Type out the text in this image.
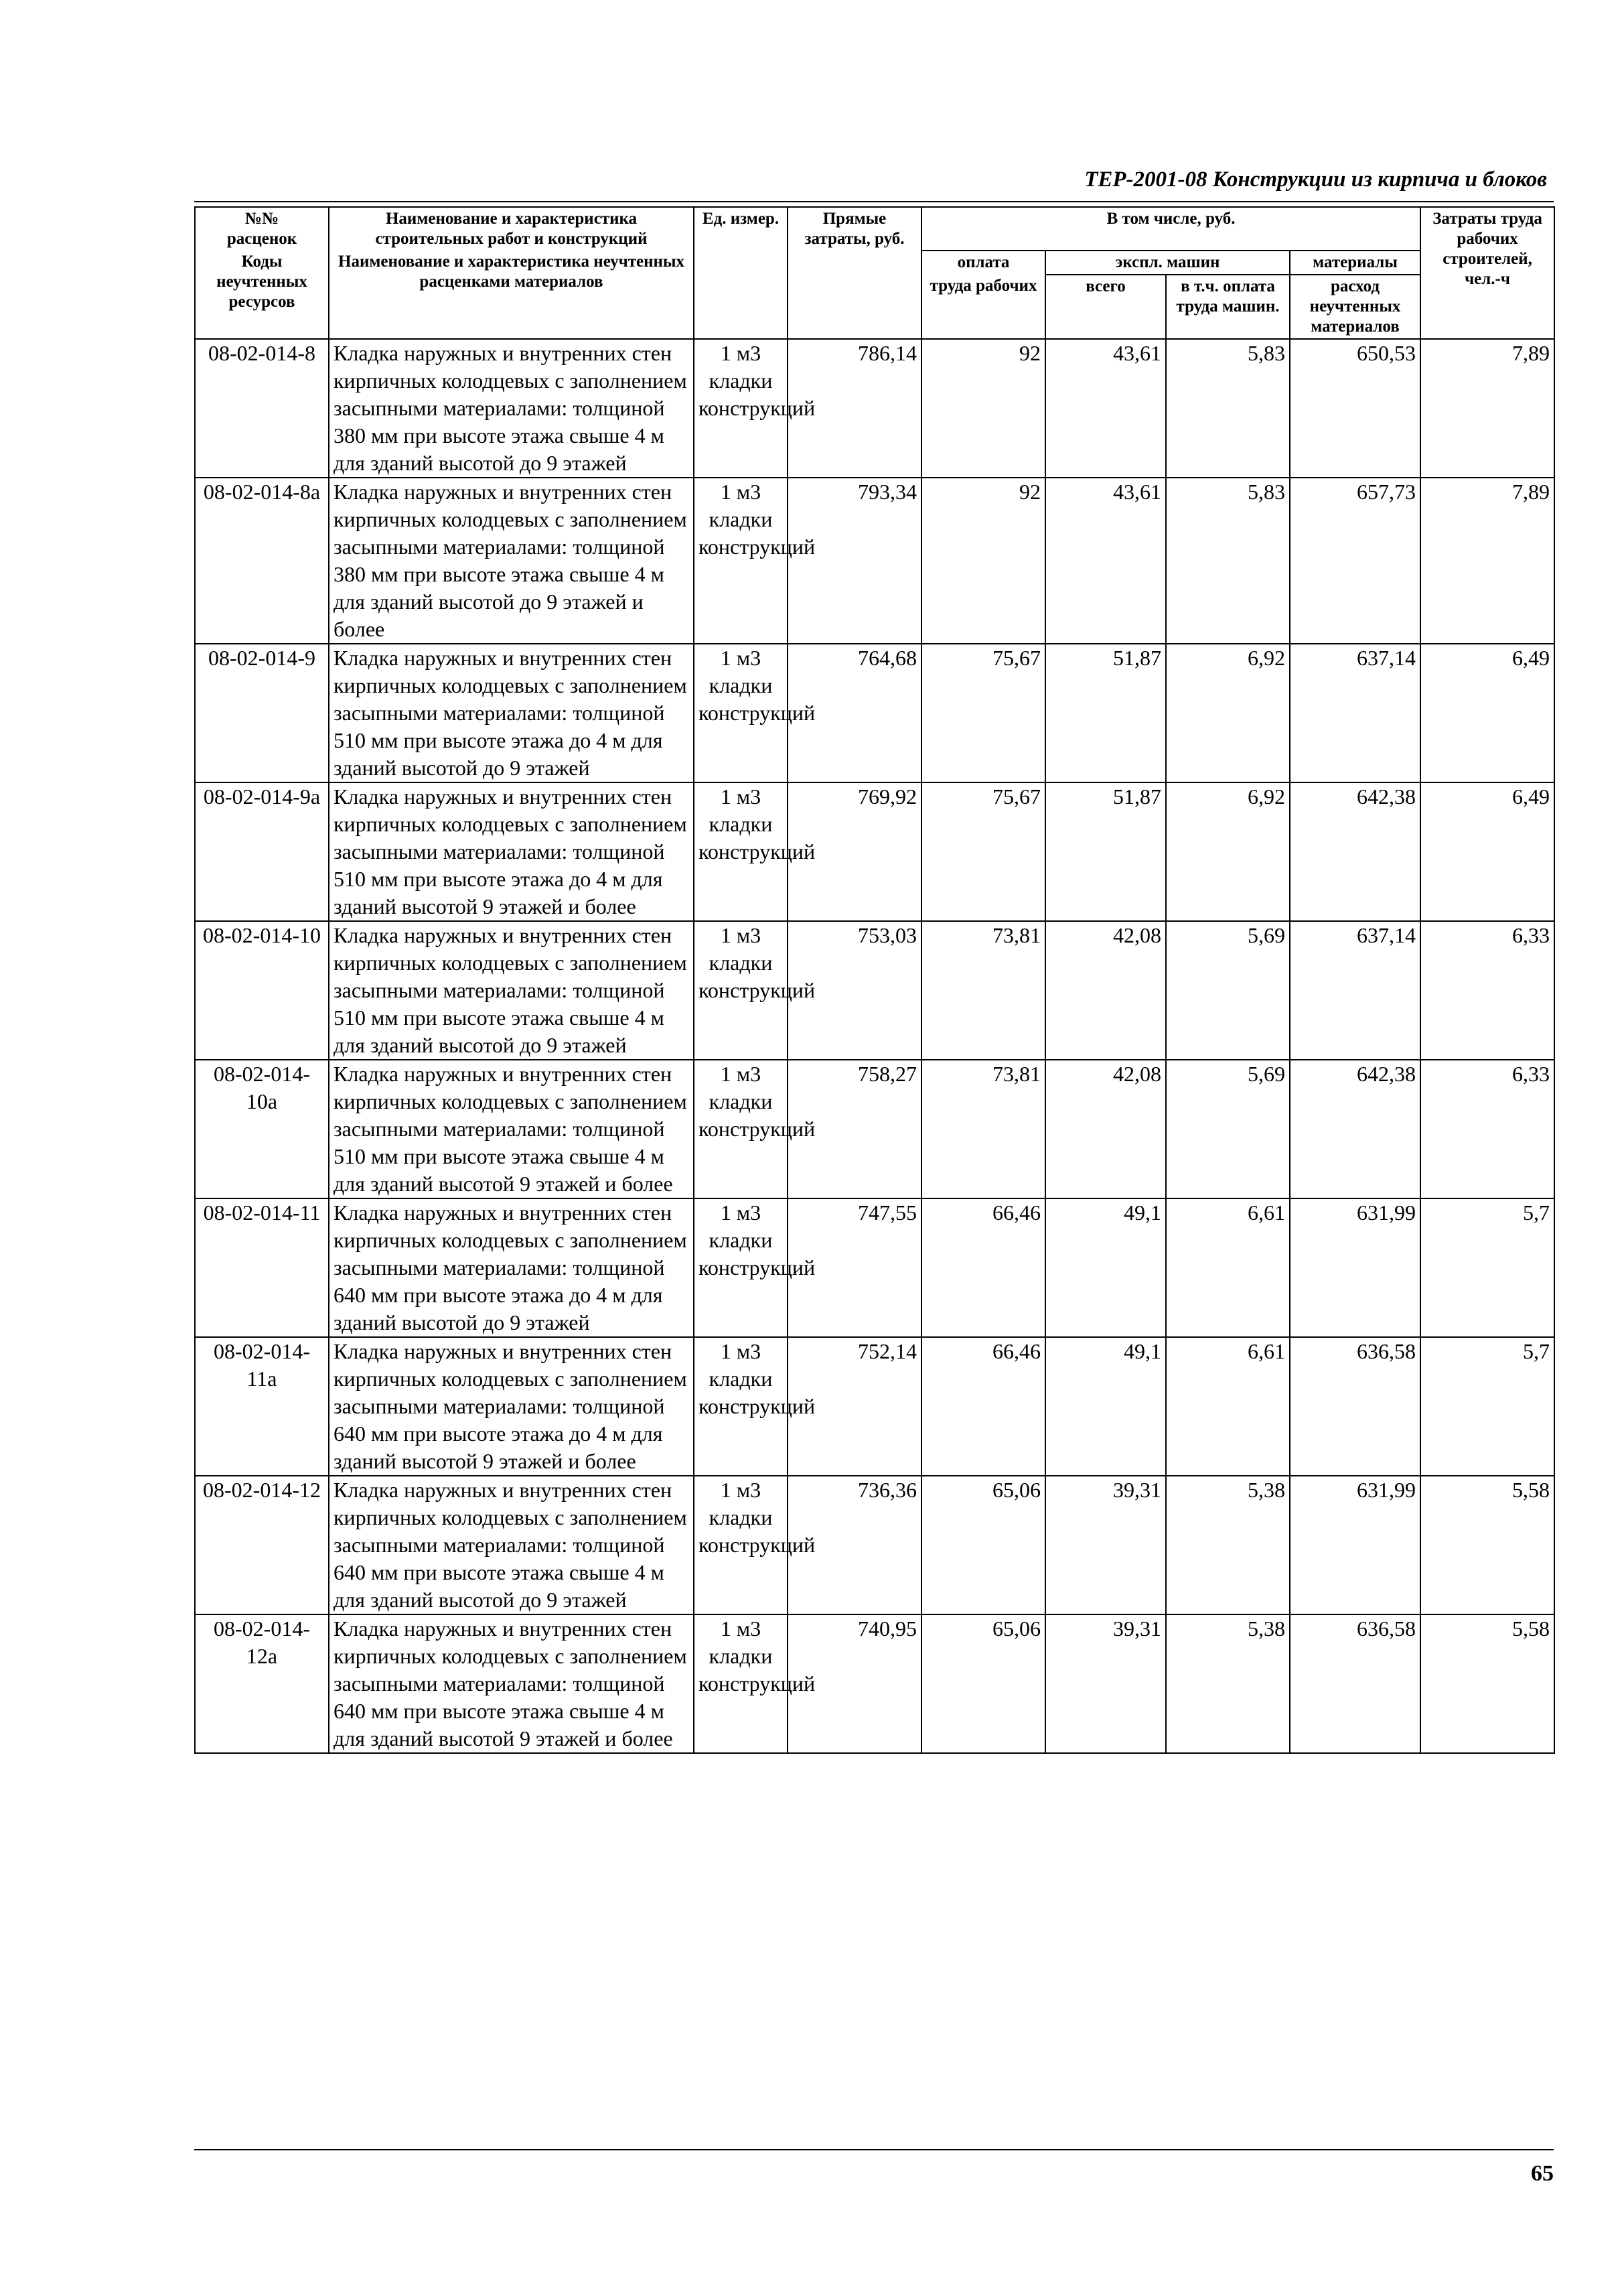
ТЕР-2001-08 Конструкции из кирпича и блоков
№№
расценок	Наименование и характеристика строительных работ и конструкций	Ед. измер.	Прямые затраты, руб.	В том числе, руб.				Затраты труда рабочих строителей, чел.-ч
Коды неучтенных ресурсов	Наименование и характеристика неучтенных расценками материалов			оплата	экспл. машин		материалы	
				труда рабочих	всего	в т.ч. оплата труда машин.	расход неучтенных материалов	
08-02-014-8	Кладка наружных и внутренних стен кирпичных колодцевых с заполнением засыпными материалами: толщиной 380 мм при высоте этажа свыше 4 м для зданий высотой до 9 этажей	1 м3 кладки конструкций	786,14	92	43,61	5,83	650,53	7,89
08-02-014-8а	Кладка наружных и внутренних стен кирпичных колодцевых с заполнением засыпными материалами: толщиной 380 мм при высоте этажа свыше 4 м для зданий высотой до 9 этажей и более	1 м3 кладки конструкций	793,34	92	43,61	5,83	657,73	7,89
08-02-014-9	Кладка наружных и внутренних стен кирпичных колодцевых с заполнением засыпными материалами: толщиной 510 мм при высоте этажа до 4 м для зданий высотой до 9 этажей	1 м3 кладки конструкций	764,68	75,67	51,87	6,92	637,14	6,49
08-02-014-9а	Кладка наружных и внутренних стен кирпичных колодцевых с заполнением засыпными материалами: толщиной 510 мм при высоте этажа до 4 м для зданий высотой 9 этажей и более	1 м3 кладки конструкций	769,92	75,67	51,87	6,92	642,38	6,49
08-02-014-10	Кладка наружных и внутренних стен кирпичных колодцевых с заполнением засыпными материалами: толщиной 510 мм при высоте этажа свыше 4 м для зданий высотой до 9 этажей	1 м3 кладки конструкций	753,03	73,81	42,08	5,69	637,14	6,33
08-02-014-10а	Кладка наружных и внутренних стен кирпичных колодцевых с заполнением засыпными материалами: толщиной 510 мм при высоте этажа свыше 4 м для зданий высотой 9 этажей и более	1 м3 кладки конструкций	758,27	73,81	42,08	5,69	642,38	6,33
08-02-014-11	Кладка наружных и внутренних стен кирпичных колодцевых с заполнением засыпными материалами: толщиной 640 мм при высоте этажа до 4 м для зданий высотой до 9 этажей	1 м3 кладки конструкций	747,55	66,46	49,1	6,61	631,99	5,7
08-02-014-11а	Кладка наружных и внутренних стен кирпичных колодцевых с заполнением засыпными материалами: толщиной 640 мм при высоте этажа до 4 м для зданий высотой 9 этажей и более	1 м3 кладки конструкций	752,14	66,46	49,1	6,61	636,58	5,7
08-02-014-12	Кладка наружных и внутренних стен кирпичных колодцевых с заполнением засыпными материалами: толщиной 640 мм при высоте этажа свыше 4 м для зданий высотой до 9 этажей	1 м3 кладки конструкций	736,36	65,06	39,31	5,38	631,99	5,58
08-02-014-12а	Кладка наружных и внутренних стен кирпичных колодцевых с заполнением засыпными материалами: толщиной 640 мм при высоте этажа свыше 4 м для зданий высотой 9 этажей и более	1 м3 кладки конструкций	740,95	65,06	39,31	5,38	636,58	5,58
65
